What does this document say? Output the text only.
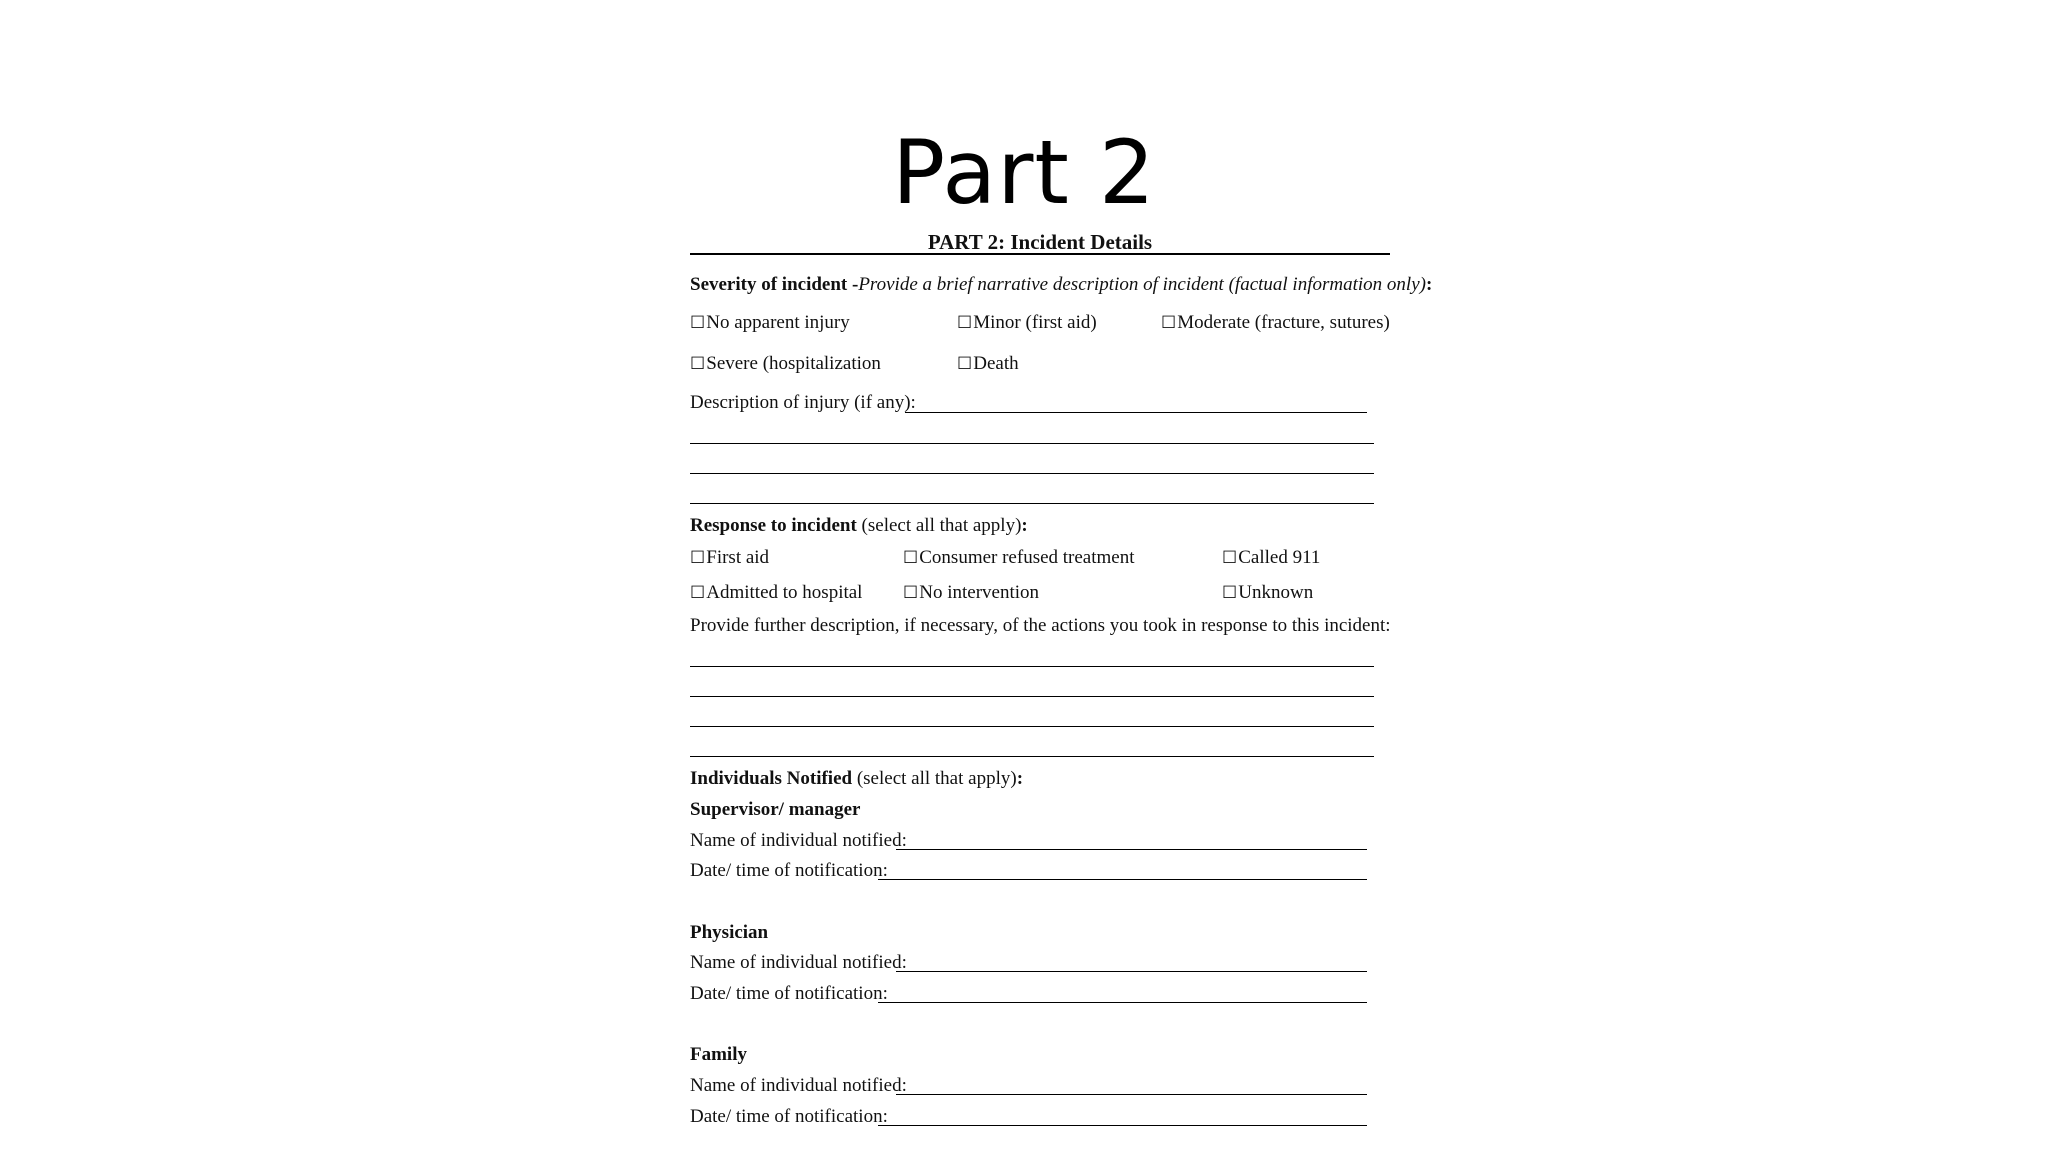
Part 2
PART 2: Incident Details
Severity of incident -Provide a brief narrative description of incident (factual information only):
☐No apparent injury	☐Minor (first aid)	☐Moderate (fracture, sutures)
☐Severe (hospitalization	☐Death
Description of injury (if any):
Response to incident (select all that apply):
☐First aid	☐Consumer refused treatment	☐Called 911
☐Admitted to hospital ☐No intervention	☐Unknown
Provide further description, if necessary, of the actions you took in response to this incident:
Individuals Notified (select all that apply):
Supervisor/ manager
Name of individual notified:
Date/ time of notification:
Physician
Name of individual notified:
Date/ time of notification:
Family
Name of individual notified:
Date/ time of notification:
